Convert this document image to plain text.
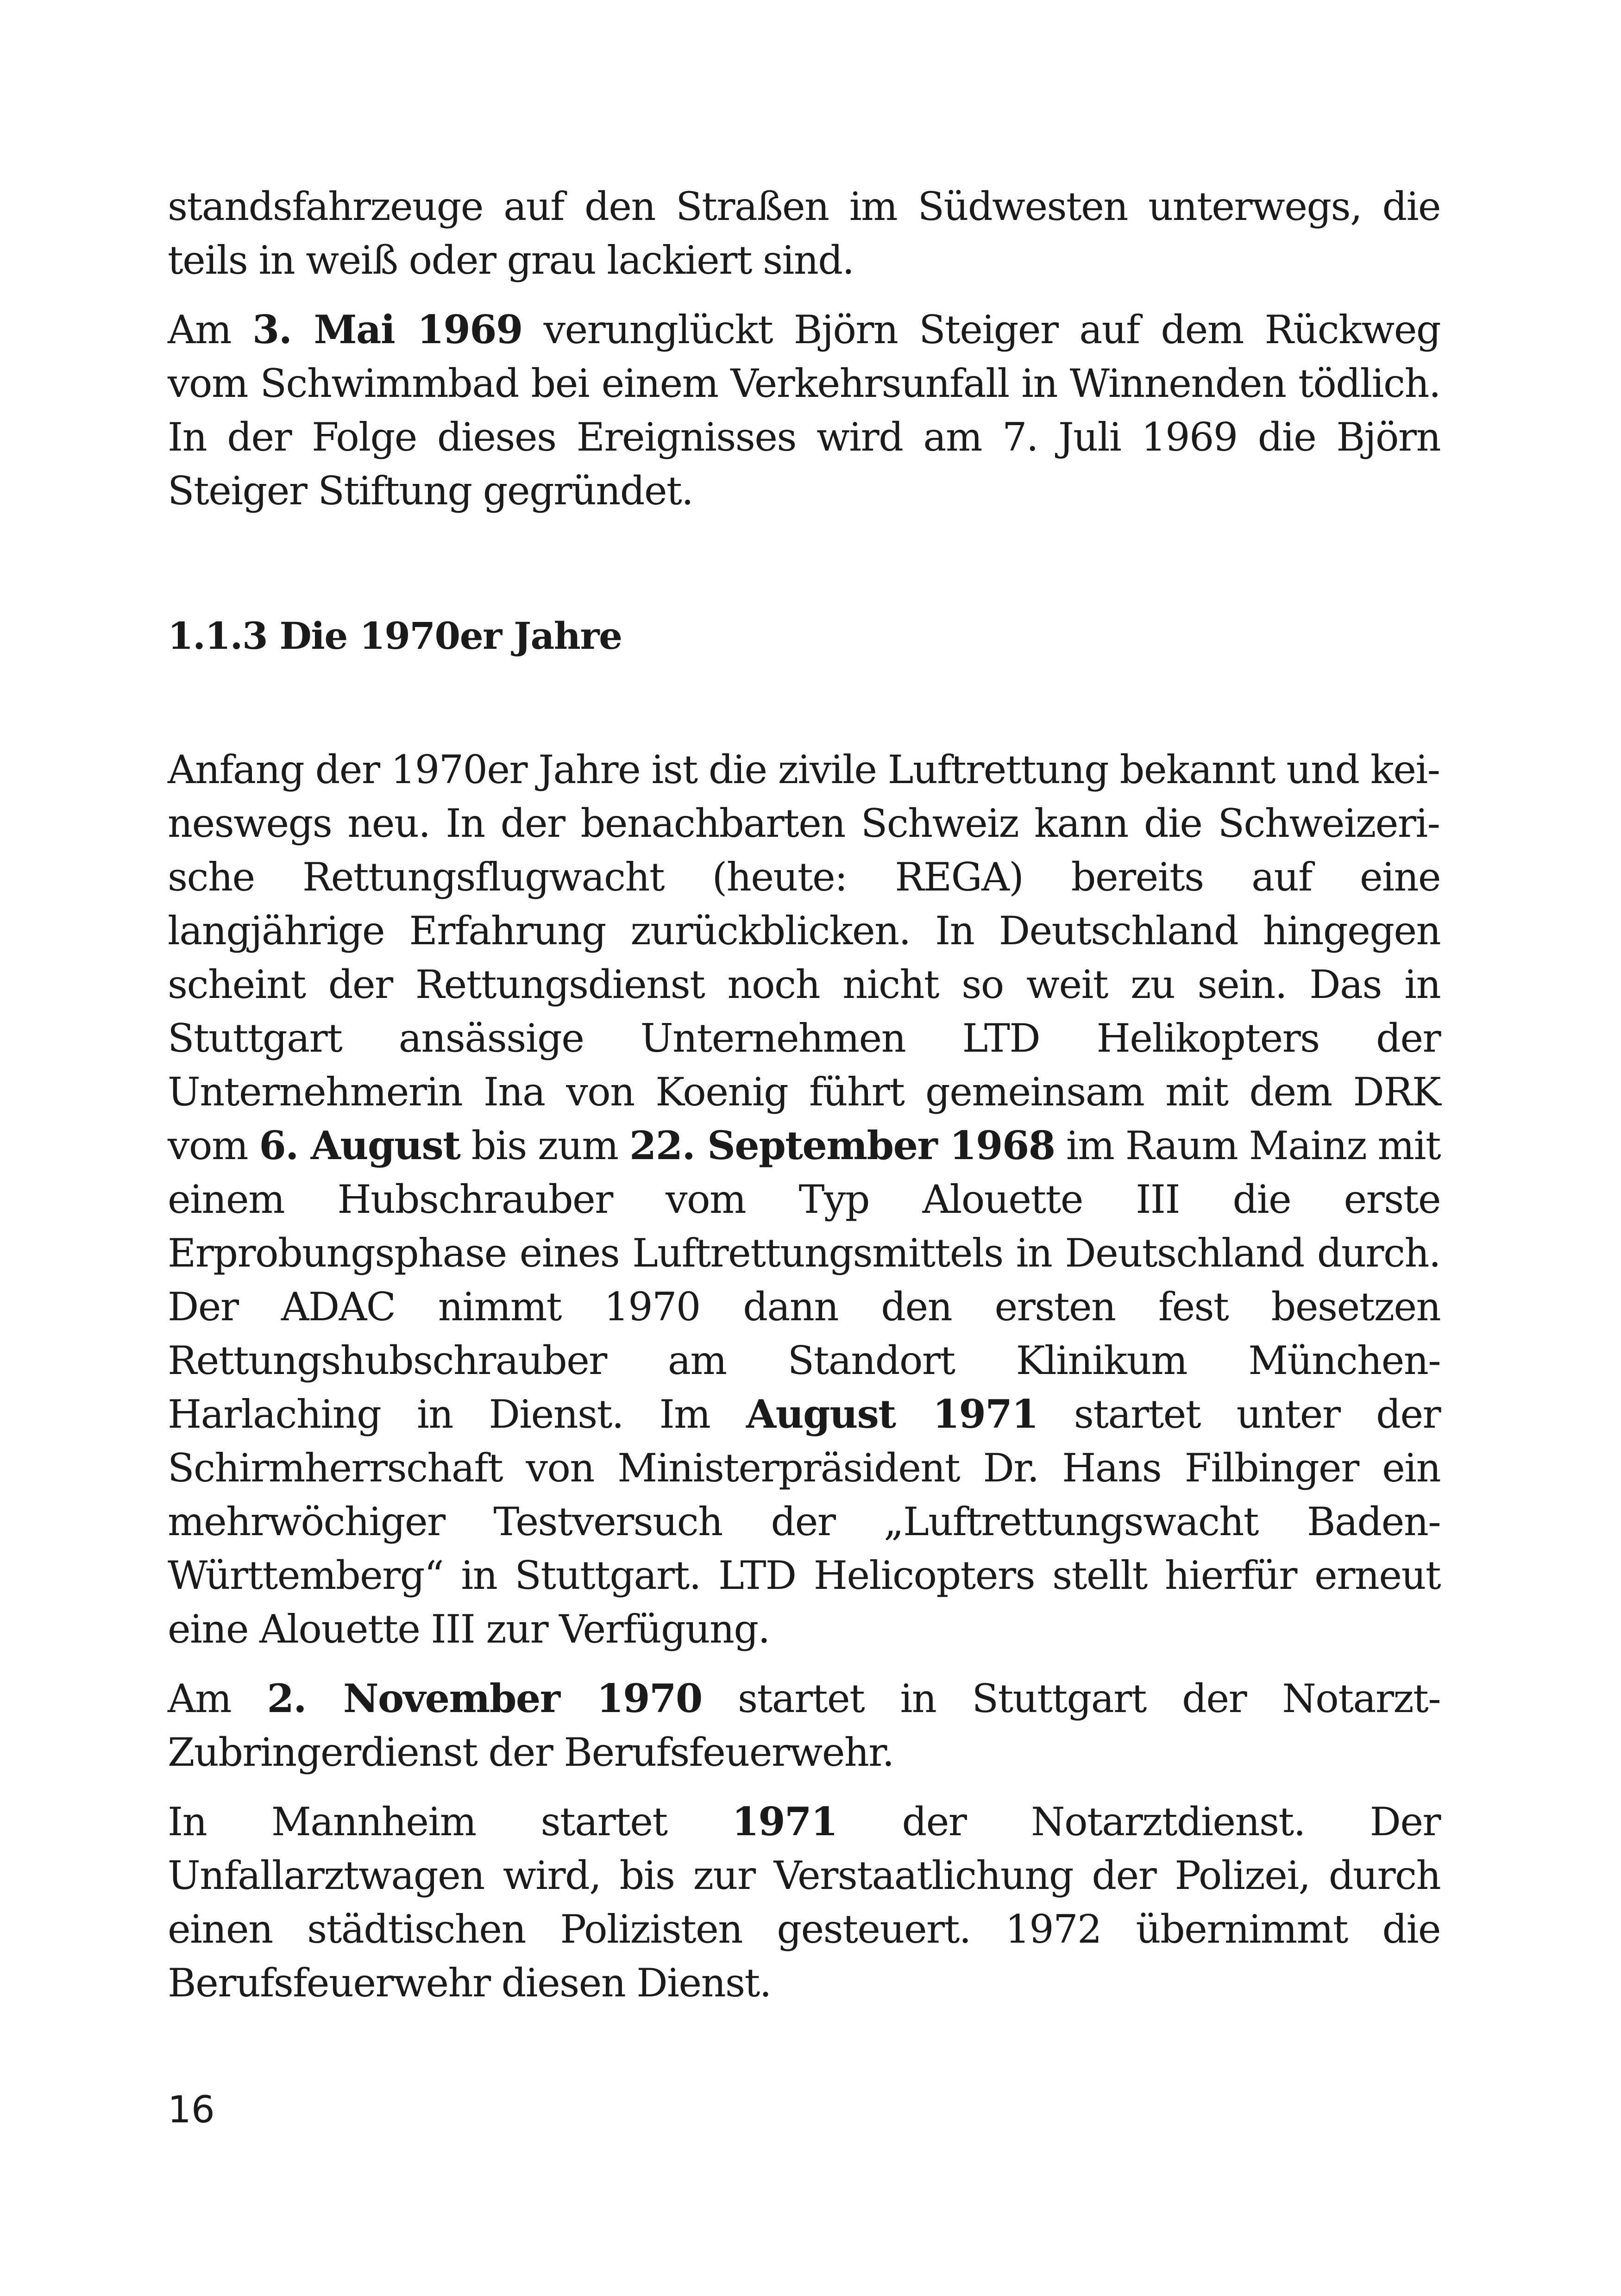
standsfahrzeuge auf den Straßen im Südwesten unterwegs, die teils in weiß oder grau lackiert sind.

Am 3. Mai 1969 verunglückt Björn Steiger auf dem Rückweg vom Schwimmbad bei einem Verkehrsunfall in Winnenden tödlich. In der Folge dieses Ereignisses wird am 7. Juli 1969 die Björn Steiger Stiftung gegründet.

1.1.3 Die 1970er Jahre

Anfang der 1970er Jahre ist die zivile Luftrettung bekannt und keineswegs neu. In der benachbarten Schweiz kann die Schweizerische Rettungsflugwacht (heute: REGA) bereits auf eine langjährige Erfahrung zurückblicken. In Deutschland hingegen scheint der Rettungsdienst noch nicht so weit zu sein. Das in Stuttgart ansässige Unternehmen LTD Helikopters der Unternehmerin Ina von Koenig führt gemeinsam mit dem DRK vom 6. August bis zum 22. September 1968 im Raum Mainz mit einem Hubschrauber vom Typ Alouette III die erste Erprobungsphase eines Luftrettungsmittels in Deutschland durch. Der ADAC nimmt 1970 dann den ersten fest besetzen Rettungshubschrauber am Standort Klinikum München-Harlaching in Dienst. Im August 1971 startet unter der Schirmherrschaft von Ministerpräsident Dr. Hans Filbinger ein mehrwöchiger Testversuch der „Luftrettungswacht Baden-Württemberg“ in Stuttgart. LTD Helicopters stellt hierfür erneut eine Alouette III zur Verfügung.

Am 2. November 1970 startet in Stuttgart der Notarzt-Zubringerdienst der Berufsfeuerwehr.

In Mannheim startet 1971 der Notarztdienst. Der Unfallarztwagen wird, bis zur Verstaatlichung der Polizei, durch einen städtischen Polizisten gesteuert. 1972 übernimmt die Berufsfeuerwehr diesen Dienst.

16
